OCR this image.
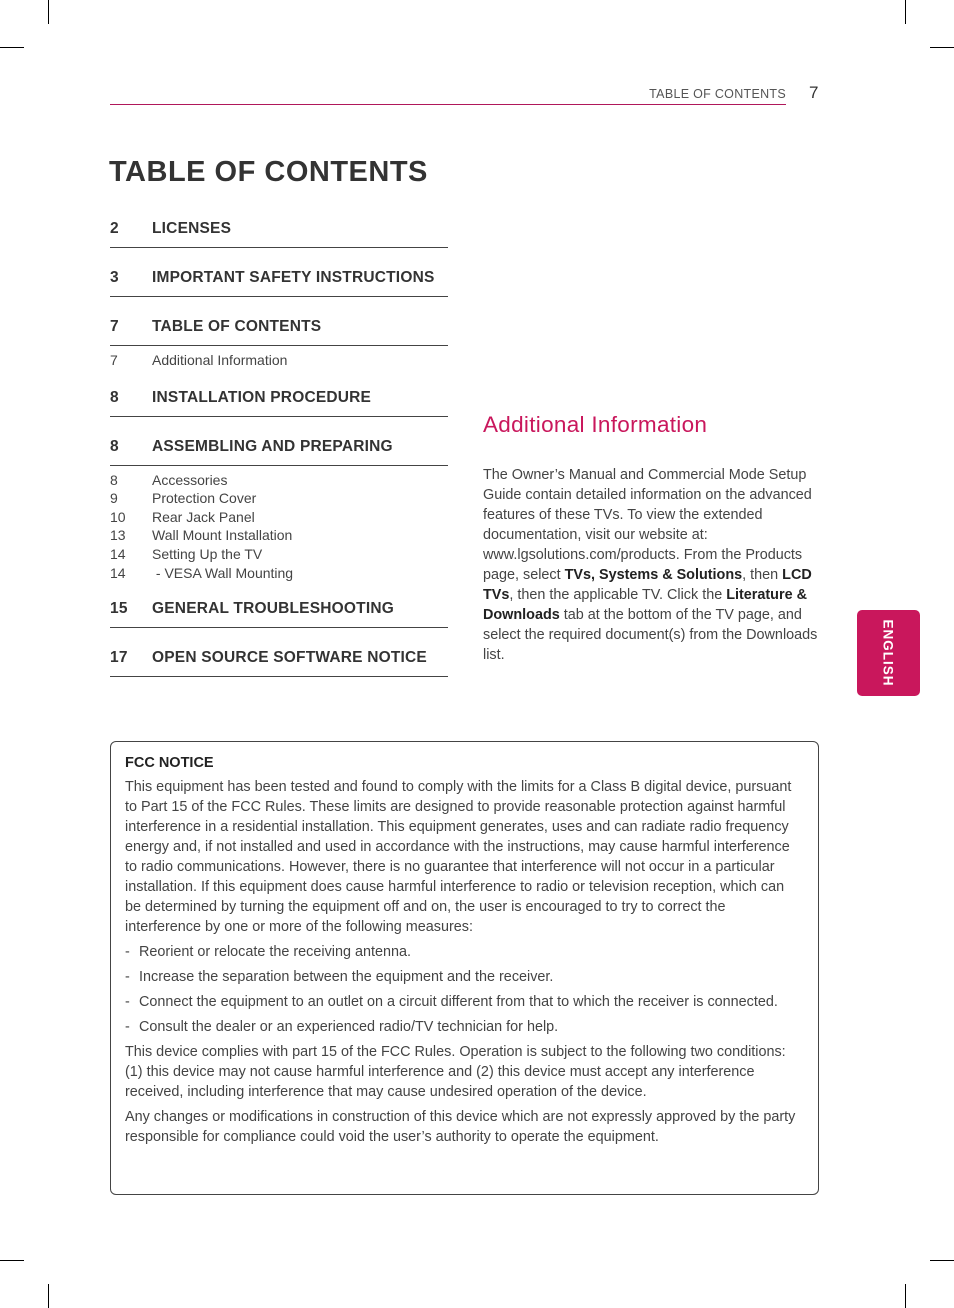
TABLE OF CONTENTS 7
TABLE OF CONTENTS
2	LICENSES
3	IMPORTANT SAFETY INSTRUCTIONS
7	TABLE OF CONTENTS
7	Additional Information
8	INSTALLATION PROCEDURE
8	ASSEMBLING AND PREPARING
8	Accessories
9	Protection Cover
10	Rear Jack Panel
13	Wall Mount Installation
14	Setting Up the TV
14	- VESA Wall Mounting
15	GENERAL TROUBLESHOOTING
17	OPEN SOURCE SOFTWARE NOTICE	ENGLISH
Additional Information

The Owner’s Manual and Commercial Mode Setup Guide contain detailed information on the advanced features of these TVs. To view the extended documentation, visit our website at: www.lgsolutions.com/products. From the Products page, select TVs, Systems & Solutions, then LCD TVs, then the applicable TV. Click the Literature & Downloads tab at the bottom of the TV page, and select the required document(s) from the Downloads list.

FCC NOTICE

This equipment has been tested and found to comply with the limits for a Class B digital device, pursuant to Part 15 of the FCC Rules. These limits are designed to provide reasonable protection against harmful interference in a residential installation. This equipment generates, uses and can radiate radio frequency energy and, if not installed and used in accordance with the instructions, may cause harmful interference to radio communications. However, there is no guarantee that interference will not occur in a particular installation. If this equipment does cause harmful interference to radio or television reception, which can be determined by turning the equipment off and on, the user is encouraged to try to correct the interference by one or more of the following measures:

- Reorient or relocate the receiving antenna.
- Increase the separation between the equipment and the receiver.
- Connect the equipment to an outlet on a circuit different from that to which the receiver is connected.
- Consult the dealer or an experienced radio/TV technician for help.

This device complies with part 15 of the FCC Rules. Operation is subject to the following two conditions: (1) this device may not cause harmful interference and (2) this device must accept any interference received, including interference that may cause undesired operation of the device.

Any changes or modifications in construction of this device which are not expressly approved by the party responsible for compliance could void the user’s authority to operate the equipment.
